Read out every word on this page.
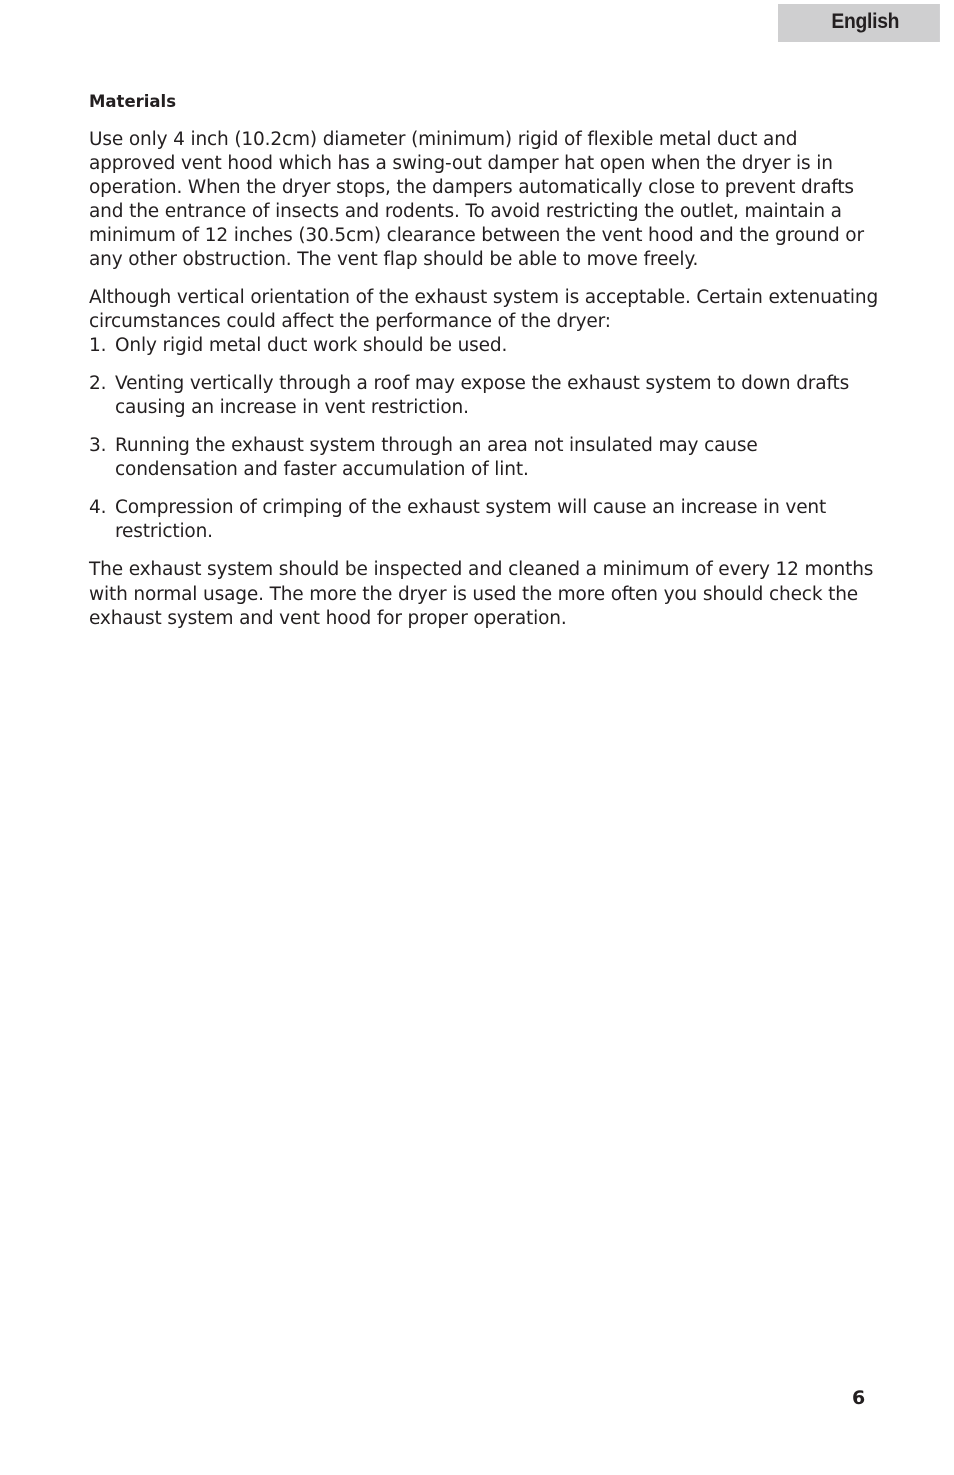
English
Materials

Use only 4 inch (10.2cm) diameter (minimum) rigid of flexible metal duct and approved vent hood which has a swing-out damper hat open when the dryer is in operation. When the dryer stops, the dampers automatically close to prevent drafts and the entrance of insects and rodents. To avoid restricting the outlet, maintain a minimum of 12 inches (30.5cm) clearance between the vent hood and the ground or any other obstruction. The vent flap should be able to move freely.

Although vertical orientation of the exhaust system is acceptable. Certain extenuating circumstances could affect the performance of the dryer:

1. Only rigid metal duct work should be used.
2. Venting vertically through a roof may expose the exhaust system to down drafts causing an increase in vent restriction.
3. Running the exhaust system through an area not insulated may cause condensation and faster accumulation of lint.
4. Compression of crimping of the exhaust system will cause an increase in vent restriction.

The exhaust system should be inspected and cleaned a minimum of every 12 months with normal usage. The more the dryer is used the more often you should check the exhaust system and vent hood for proper operation.

6
